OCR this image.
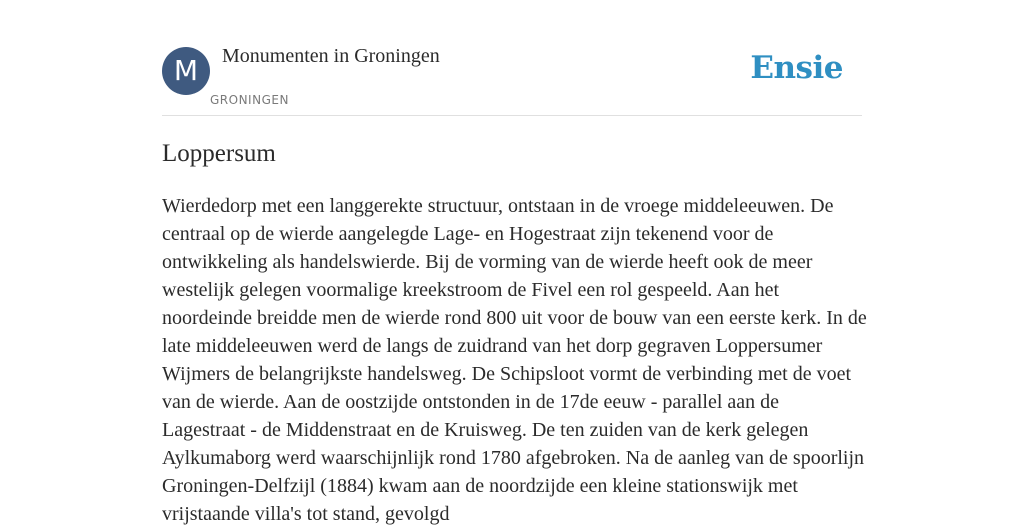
M	Monumenten in Groningen
GRONINGEN
Ensie
Loppersum

Wierdedorp met een langgerekte structuur, ontstaan in de vroege middeleeuwen. De centraal op de wierde aangelegde Lage- en Hogestraat zijn tekenend voor de ontwikkeling als handelswierde. Bij de vorming van de wierde heeft ook de meer westelijk gelegen voormalige kreekstroom de Fivel een rol gespeeld. Aan het noordeinde breidde men de wierde rond 800 uit voor de bouw van een eerste kerk. In de late middeleeuwen werd de langs de zuidrand van het dorp gegraven Loppersumer Wijmers de belangrijkste handelsweg. De Schipsloot vormt de verbinding met de voet van de wierde. Aan de oostzijde ontstonden in de 17de eeuw - parallel aan de Lagestraat - de Middenstraat en de Kruisweg. De ten zuiden van de kerk gelegen Aylkumaborg werd waarschijnlijk rond 1780 afgebroken. Na de aanleg van de spoorlijn Groningen-Delfzijl (1884) kwam aan de noordzijde een kleine stationswijk met vrijstaande villa's tot stand, gevolgd
